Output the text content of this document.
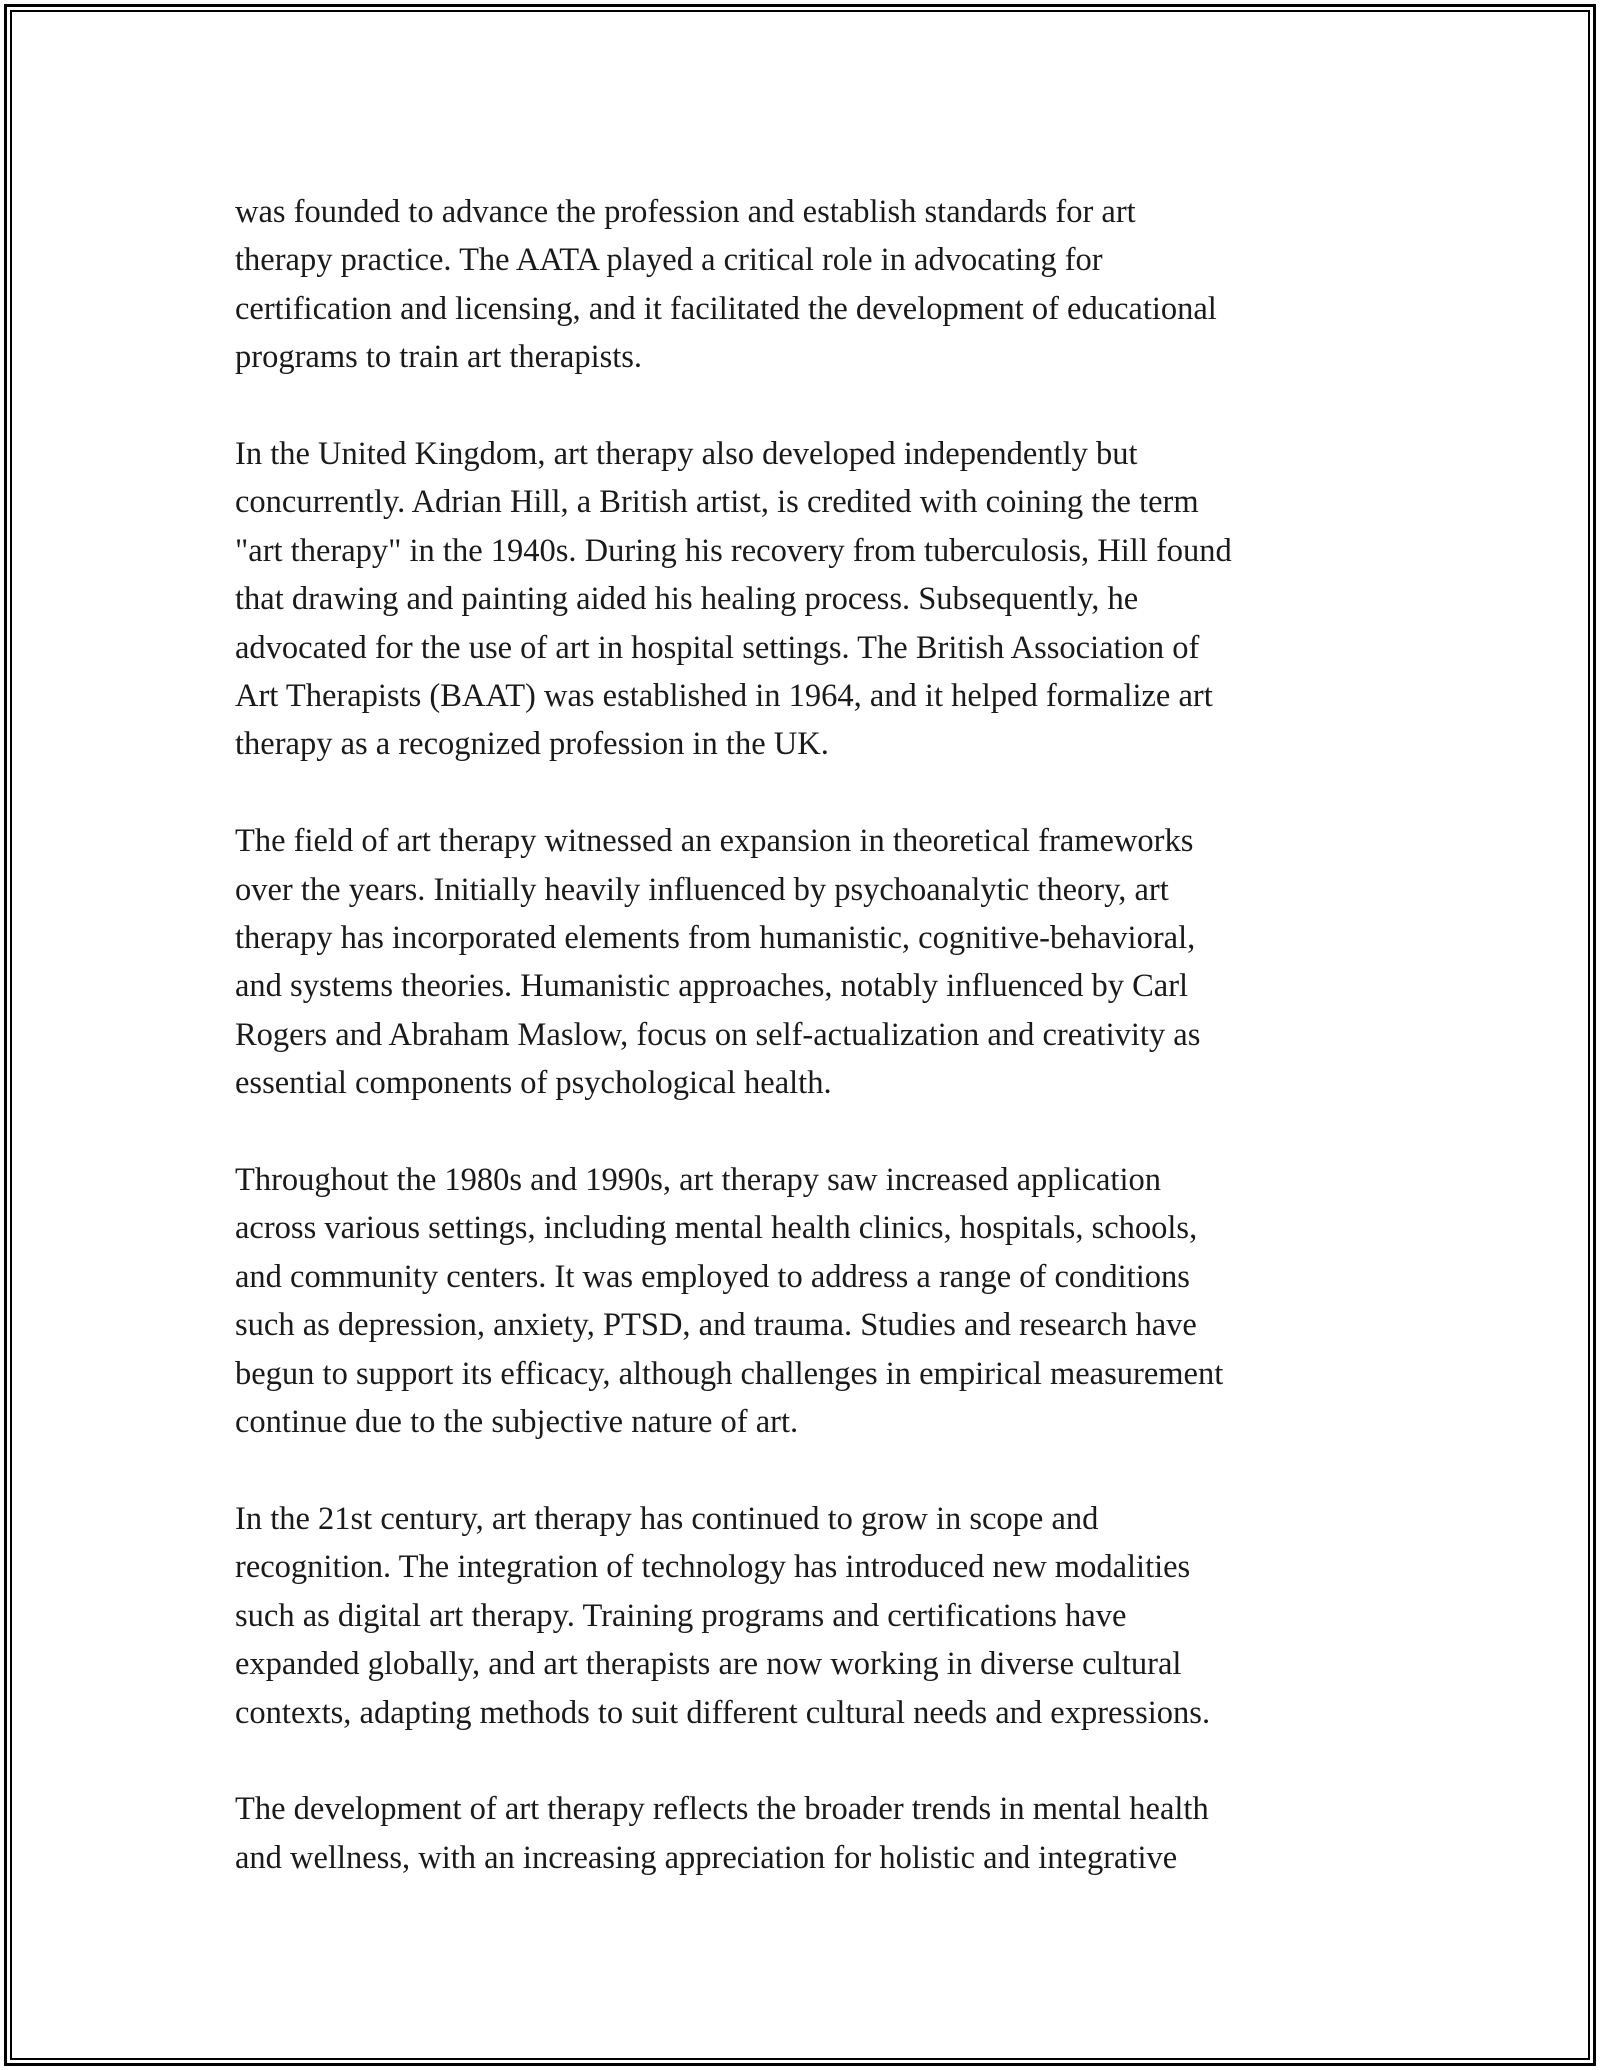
was founded to advance the profession and establish standards for art
therapy practice. The AATA played a critical role in advocating for
certification and licensing, and it facilitated the development of educational
programs to train art therapists.

In the United Kingdom, art therapy also developed independently but
concurrently. Adrian Hill, a British artist, is credited with coining the term
"art therapy" in the 1940s. During his recovery from tuberculosis, Hill found
that drawing and painting aided his healing process. Subsequently, he
advocated for the use of art in hospital settings. The British Association of
Art Therapists (BAAT) was established in 1964, and it helped formalize art
therapy as a recognized profession in the UK.

The field of art therapy witnessed an expansion in theoretical frameworks
over the years. Initially heavily influenced by psychoanalytic theory, art
therapy has incorporated elements from humanistic, cognitive-behavioral,
and systems theories. Humanistic approaches, notably influenced by Carl
Rogers and Abraham Maslow, focus on self-actualization and creativity as
essential components of psychological health.

Throughout the 1980s and 1990s, art therapy saw increased application
across various settings, including mental health clinics, hospitals, schools,
and community centers. It was employed to address a range of conditions
such as depression, anxiety, PTSD, and trauma. Studies and research have
begun to support its efficacy, although challenges in empirical measurement
continue due to the subjective nature of art.

In the 21st century, art therapy has continued to grow in scope and
recognition. The integration of technology has introduced new modalities
such as digital art therapy. Training programs and certifications have
expanded globally, and art therapists are now working in diverse cultural
contexts, adapting methods to suit different cultural needs and expressions.

The development of art therapy reflects the broader trends in mental health
and wellness, with an increasing appreciation for holistic and integrative
